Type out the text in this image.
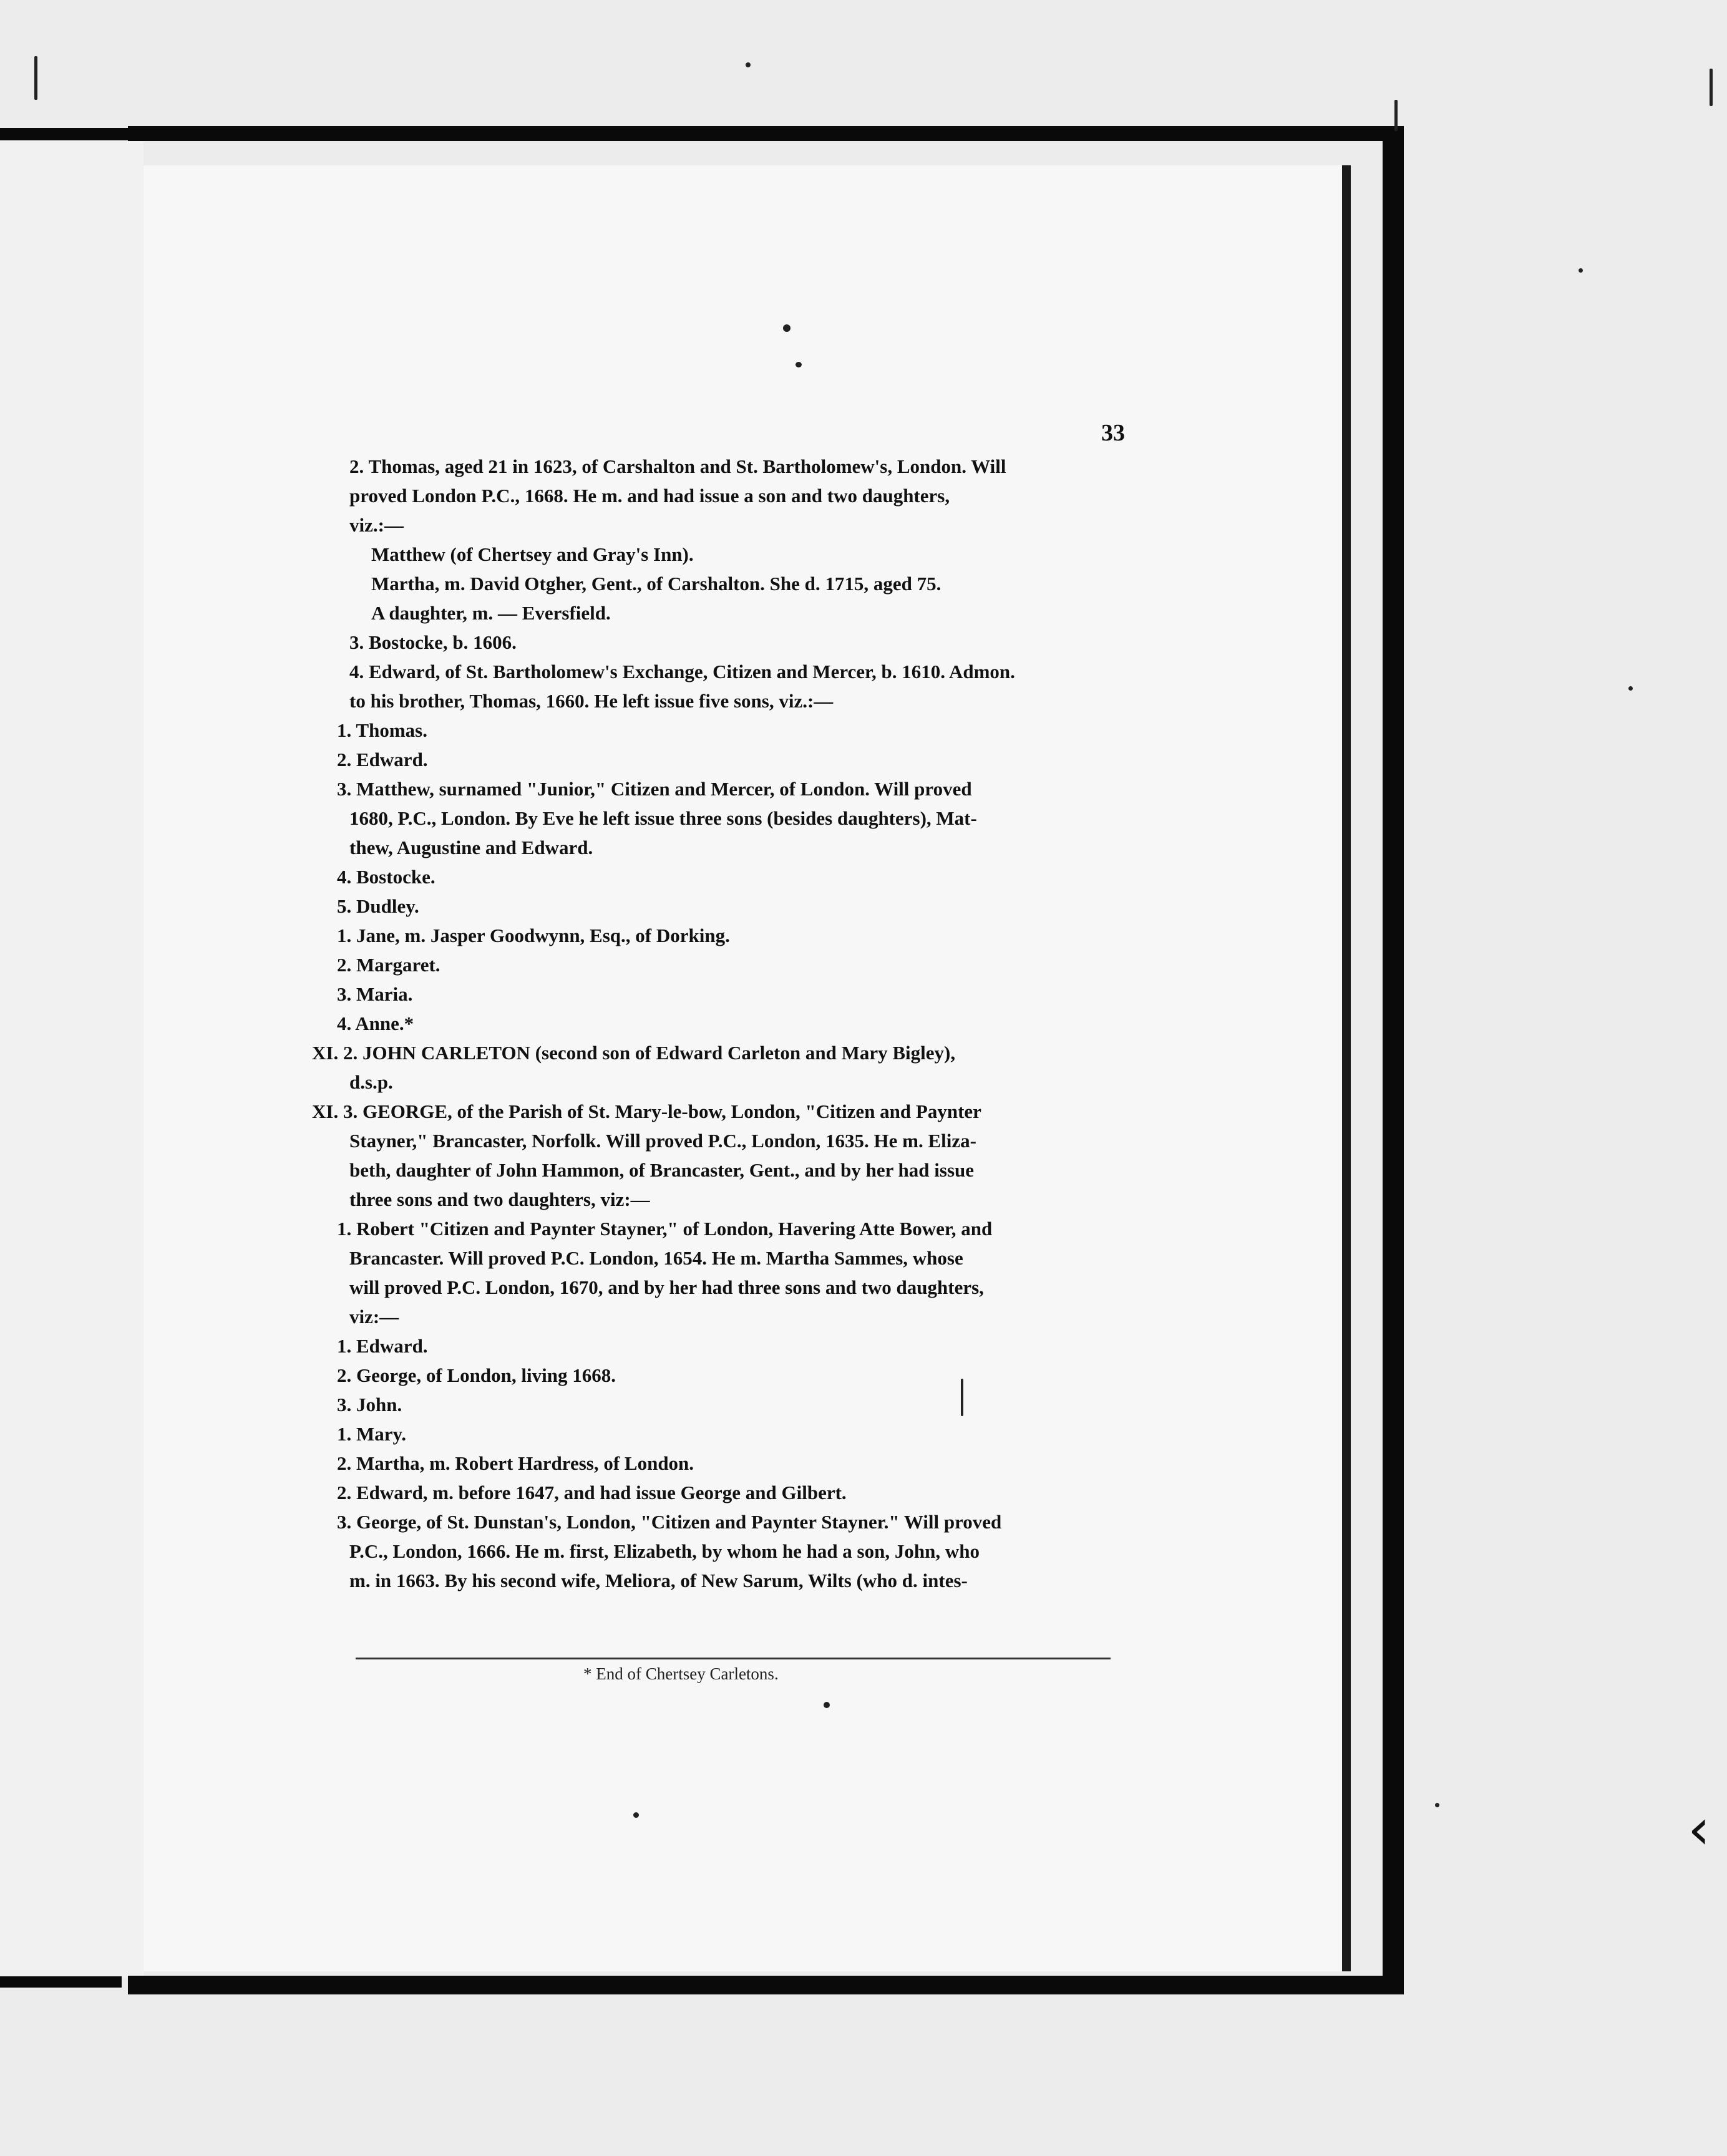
33
2. Thomas, aged 21 in 1623, of Carshalton and St. Bartholomew's, London. Will
proved London P.C., 1668. He m. and had issue a son and two daughters,
viz.:—
Matthew (of Chertsey and Gray's Inn).
Martha, m. David Otgher, Gent., of Carshalton. She d. 1715, aged 75.
A daughter, m. — Eversfield.
3. Bostocke, b. 1606.
4. Edward, of St. Bartholomew's Exchange, Citizen and Mercer, b. 1610. Admon.
to his brother, Thomas, 1660. He left issue five sons, viz.:—
1. Thomas.
2. Edward.
3. Matthew, surnamed "Junior," Citizen and Mercer, of London. Will proved
1680, P.C., London. By Eve he left issue three sons (besides daughters), Mat-
thew, Augustine and Edward.
4. Bostocke.
5. Dudley.
1. Jane, m. Jasper Goodwynn, Esq., of Dorking.
2. Margaret.
3. Maria.
4. Anne.*
XI. 2. JOHN CARLETON (second son of Edward Carleton and Mary Bigley),
d.s.p.
XI. 3. GEORGE, of the Parish of St. Mary-le-bow, London, "Citizen and Paynter
Stayner," Brancaster, Norfolk. Will proved P.C., London, 1635. He m. Eliza-
beth, daughter of John Hammon, of Brancaster, Gent., and by her had issue
three sons and two daughters, viz:—
1. Robert "Citizen and Paynter Stayner," of London, Havering Atte Bower, and
Brancaster. Will proved P.C. London, 1654. He m. Martha Sammes, whose
will proved P.C. London, 1670, and by her had three sons and two daughters,
viz:—
1. Edward.
2. George, of London, living 1668.
3. John.
1. Mary.
2. Martha, m. Robert Hardress, of London.
2. Edward, m. before 1647, and had issue George and Gilbert.
3. George, of St. Dunstan's, London, "Citizen and Paynter Stayner." Will proved
P.C., London, 1666. He m. first, Elizabeth, by whom he had a son, John, who
m. in 1663. By his second wife, Meliora, of New Sarum, Wilts (who d. intes-
* End of Chertsey Carletons.
‹
